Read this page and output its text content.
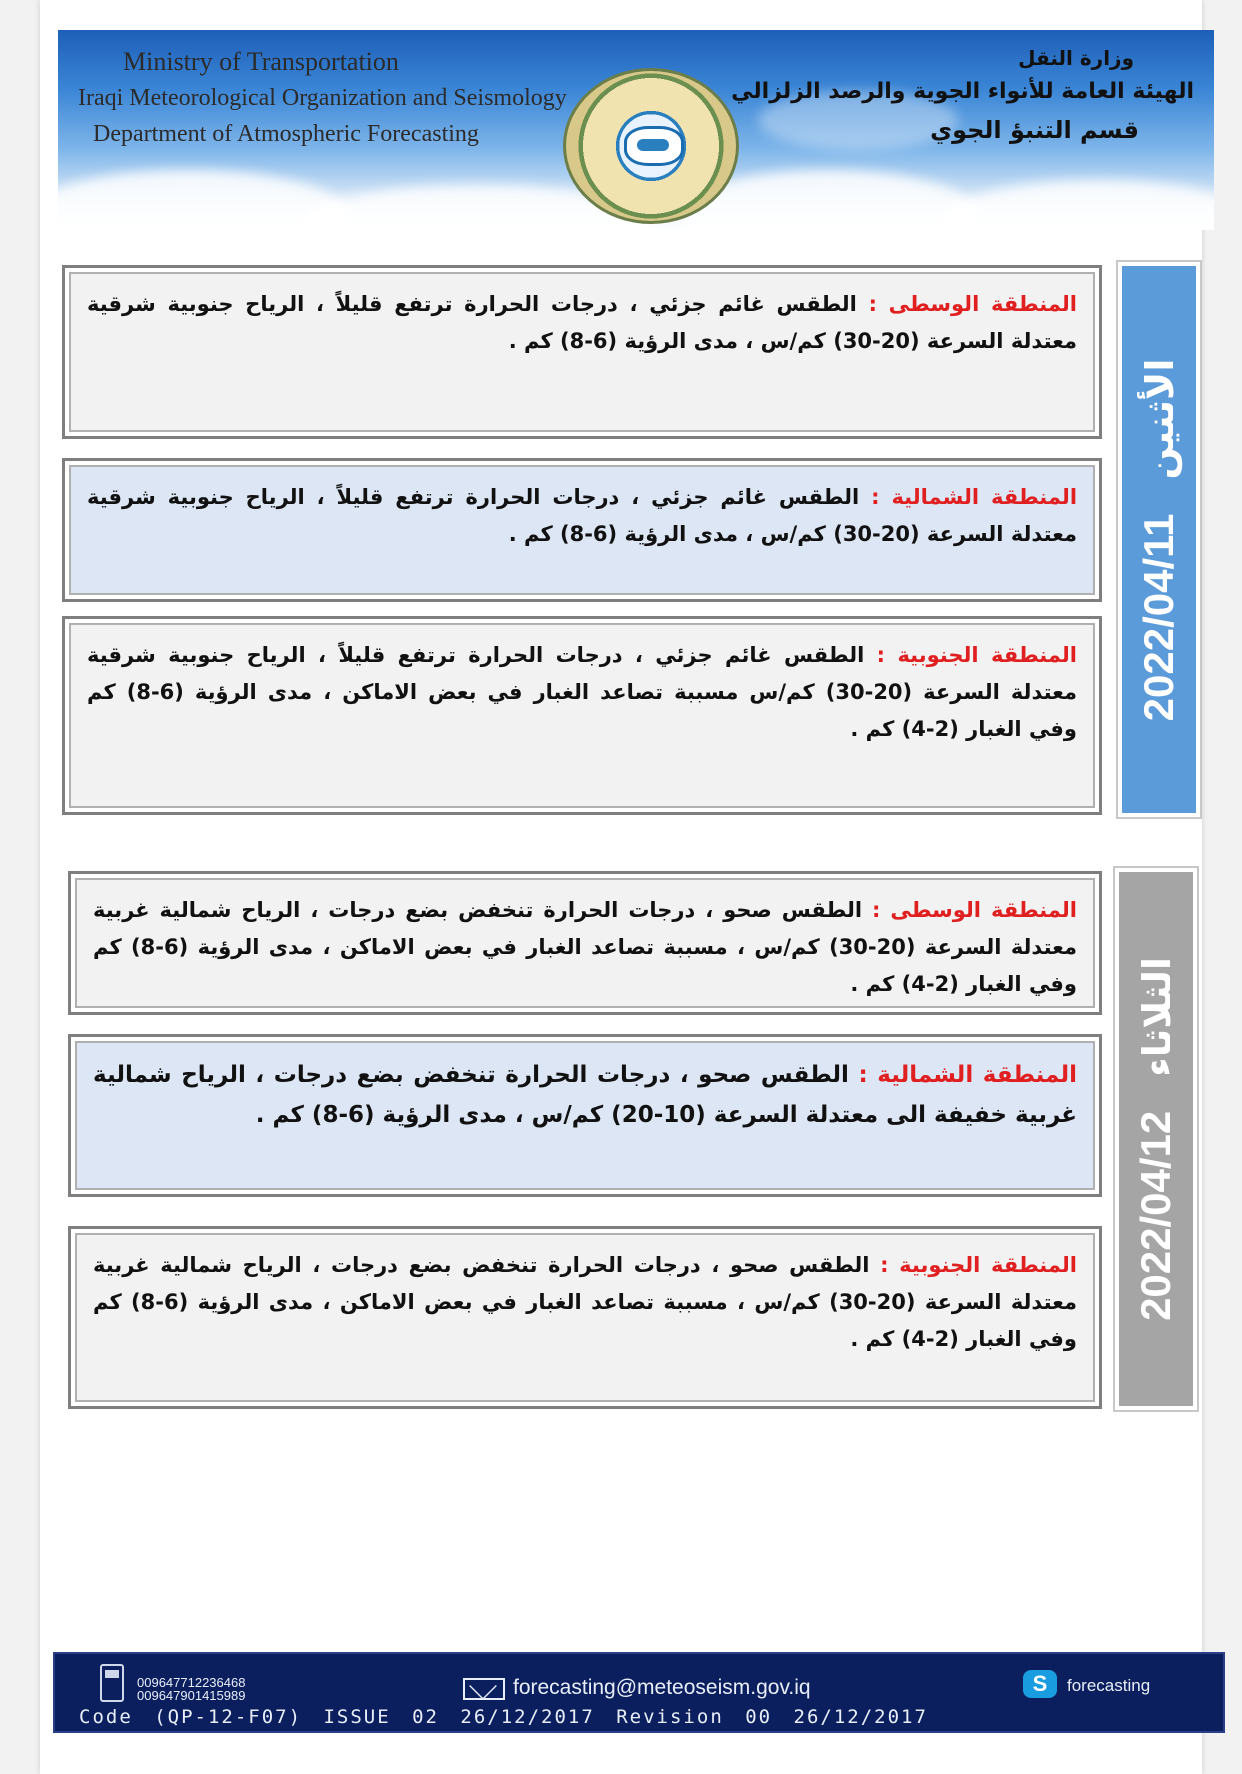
Ministry of Transportation
Iraqi Meteorological Organization and Seismology
Department of Atmospheric Forecasting
وزارة النقل
الهيئة العامة للأنواء الجوية والرصد الزلزالي
قسم التنبؤ الجوي
2022/04/11الأثنين
المنطقة الوسطى : الطقس غائم جزئي ، درجات الحرارة ترتفع قليلاً ، الرياح جنوبية شرقية معتدلة السرعة (20-30) كم/س ، مدى الرؤية (6-8) كم .
المنطقة الشمالية : الطقس غائم جزئي ، درجات الحرارة ترتفع قليلاً ، الرياح جنوبية شرقية معتدلة السرعة (20-30) كم/س ، مدى الرؤية (6-8) كم .
المنطقة الجنوبية : الطقس غائم جزئي ، درجات الحرارة ترتفع قليلاً ، الرياح جنوبية شرقية معتدلة السرعة (20-30) كم/س مسببة تصاعد الغبار في بعض الاماكن ، مدى الرؤية (6-8) كم وفي الغبار (2-4) كم .
2022/04/12الثلاثاء
المنطقة الوسطى : الطقس صحو ، درجات الحرارة تنخفض بضع درجات ، الرياح شمالية غربية معتدلة السرعة (20-30) كم/س ، مسببة تصاعد الغبار في بعض الاماكن ، مدى الرؤية (6-8) كم وفي الغبار (2-4) كم .
المنطقة الشمالية : الطقس صحو ، درجات الحرارة تنخفض بضع درجات ، الرياح شمالية غربية خفيفة الى معتدلة السرعة (10-20) كم/س ، مدى الرؤية (6-8) كم .
المنطقة الجنوبية : الطقس صحو ، درجات الحرارة تنخفض بضع درجات ، الرياح شمالية غربية معتدلة السرعة (20-30) كم/س ، مسببة تصاعد الغبار في بعض الاماكن ، مدى الرؤية (6-8) كم وفي الغبار (2-4) كم .
009647712236468
009647901415989	forecasting@meteoseism.gov.iq	S	forecasting
Code (QP-12-F07) ISSUE 02 26/12/2017 Revision 00 26/12/2017
